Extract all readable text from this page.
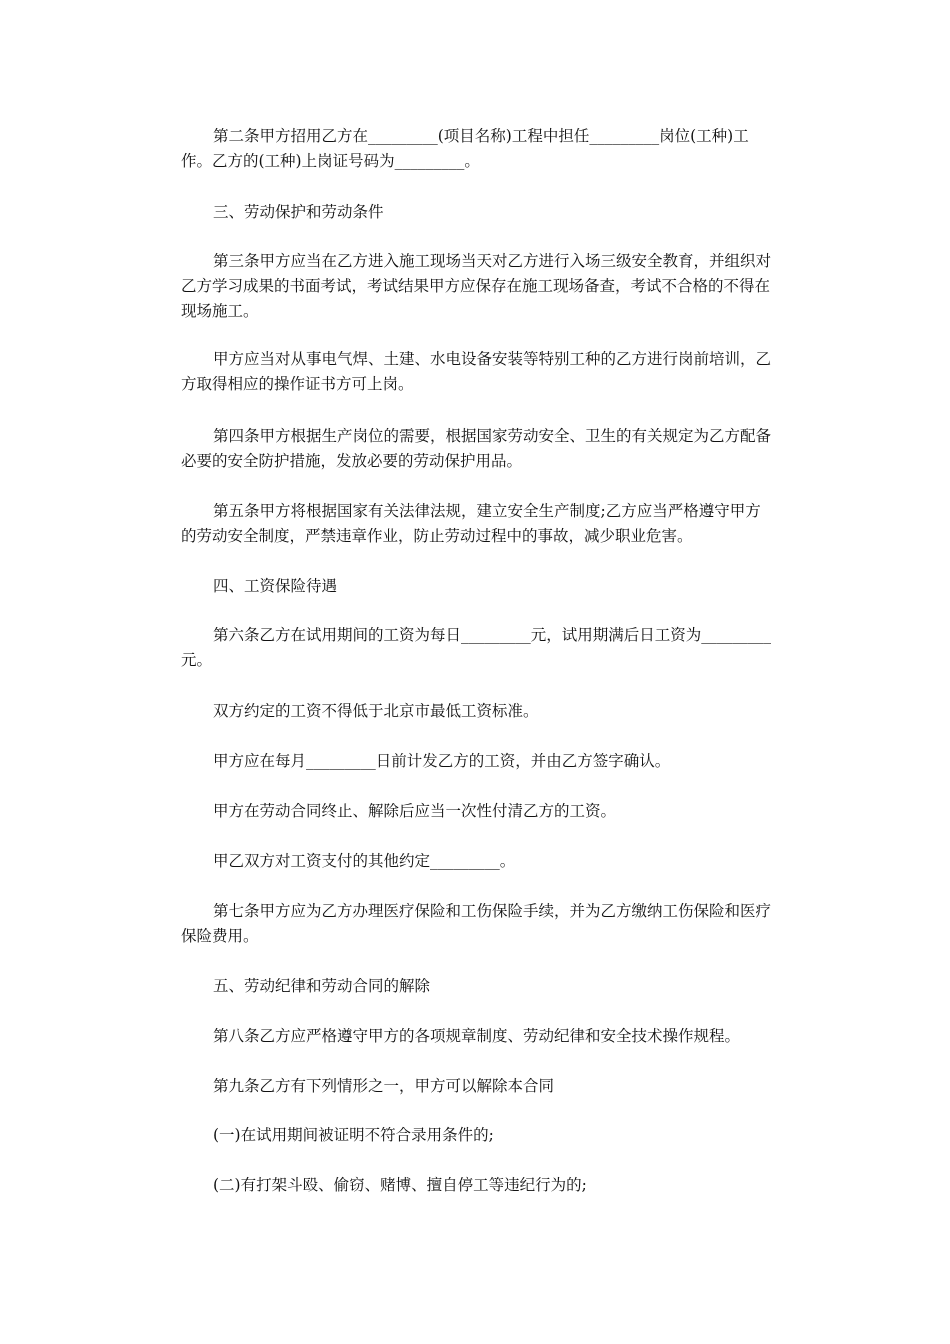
第二条甲方招用乙方在_________(项目名称)工程中担任_________岗位(工种)工作。乙方的(工种)上岗证号码为_________。

三、劳动保护和劳动条件

第三条甲方应当在乙方进入施工现场当天对乙方进行入场三级安全教育，并组织对乙方学习成果的书面考试，考试结果甲方应保存在施工现场备查，考试不合格的不得在现场施工。

甲方应当对从事电气焊、土建、水电设备安装等特别工种的乙方进行岗前培训，乙方取得相应的操作证书方可上岗。

第四条甲方根据生产岗位的需要，根据国家劳动安全、卫生的有关规定为乙方配备必要的安全防护措施，发放必要的劳动保护用品。

第五条甲方将根据国家有关法律法规，建立安全生产制度;乙方应当严格遵守甲方的劳动安全制度，严禁违章作业，防止劳动过程中的事故，减少职业危害。

四、工资保险待遇

第六条乙方在试用期间的工资为每日_________元，试用期满后日工资为_________元。

双方约定的工资不得低于北京市最低工资标准。

甲方应在每月_________日前计发乙方的工资，并由乙方签字确认。

甲方在劳动合同终止、解除后应当一次性付清乙方的工资。

甲乙双方对工资支付的其他约定_________。

第七条甲方应为乙方办理医疗保险和工伤保险手续，并为乙方缴纳工伤保险和医疗保险费用。

五、劳动纪律和劳动合同的解除

第八条乙方应严格遵守甲方的各项规章制度、劳动纪律和安全技术操作规程。

第九条乙方有下列情形之一，甲方可以解除本合同

(一)在试用期间被证明不符合录用条件的;

(二)有打架斗殴、偷窃、赌博、擅自停工等违纪行为的;
